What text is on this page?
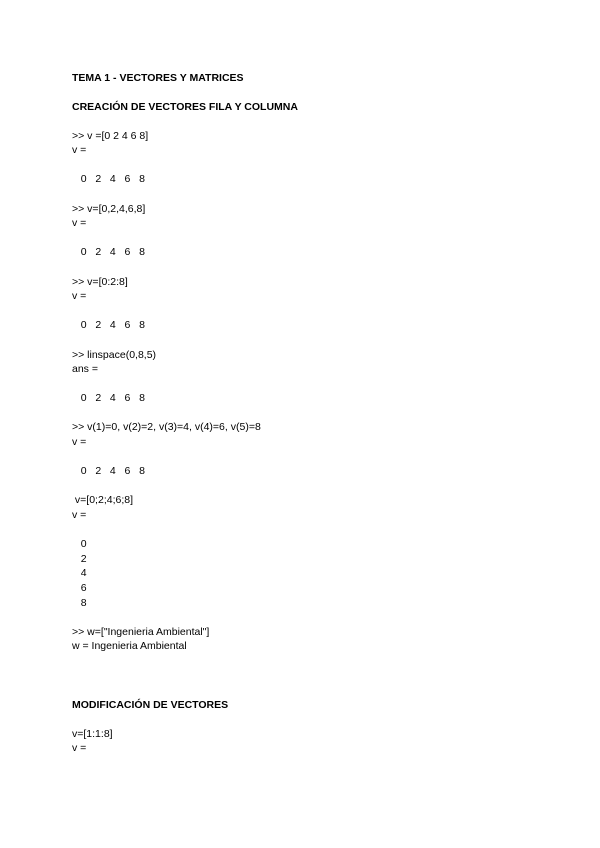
TEMA 1 - VECTORES Y MATRICES

CREACIÓN DE VECTORES FILA Y COLUMNA

>> v =[0 2 4 6 8]

v =

0   2   4   6   8

>> v=[0,2,4,6,8]

v =

0   2   4   6   8

>> v=[0:2:8]

v =

0   2   4   6   8

>> linspace(0,8,5)

ans =

0   2   4   6   8

>> v(1)=0, v(2)=2, v(3)=4, v(4)=6, v(5)=8

v =

0   2   4   6   8

v=[0;2;4;6;8]

v =

0

2

4

6

8

>> w=["Ingenieria Ambiental"]

w = Ingenieria Ambiental

MODIFICACIÓN DE VECTORES

v=[1:1:8]

v =
